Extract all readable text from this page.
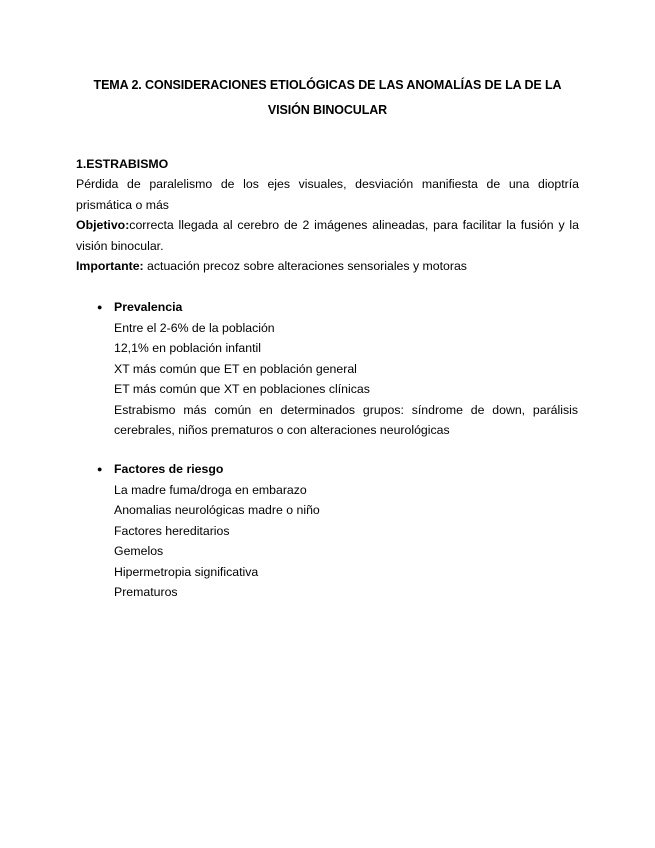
TEMA 2. CONSIDERACIONES ETIOLÓGICAS DE LAS ANOMALÍAS DE LA DE LA VISIÓN BINOCULAR
1.ESTRABISMO
Pérdida de paralelismo de los ejes visuales, desviación manifiesta de una dioptría prismática o más
Objetivo:correcta llegada al cerebro de 2 imágenes alineadas, para facilitar la fusión y la visión binocular.
Importante: actuación precoz sobre alteraciones sensoriales y motoras
● Prevalencia
Entre el 2-6% de la población
12,1% en población infantil
XT más común que ET en población general
ET más común que XT en poblaciones clínicas
Estrabismo más común en determinados grupos: síndrome de down, parálisis cerebrales, niños prematuros o con alteraciones neurológicas
● Factores de riesgo
La madre fuma/droga en embarazo
Anomalias neurológicas madre o niño
Factores hereditarios
Gemelos
Hipermetropia significativa
Prematuros
